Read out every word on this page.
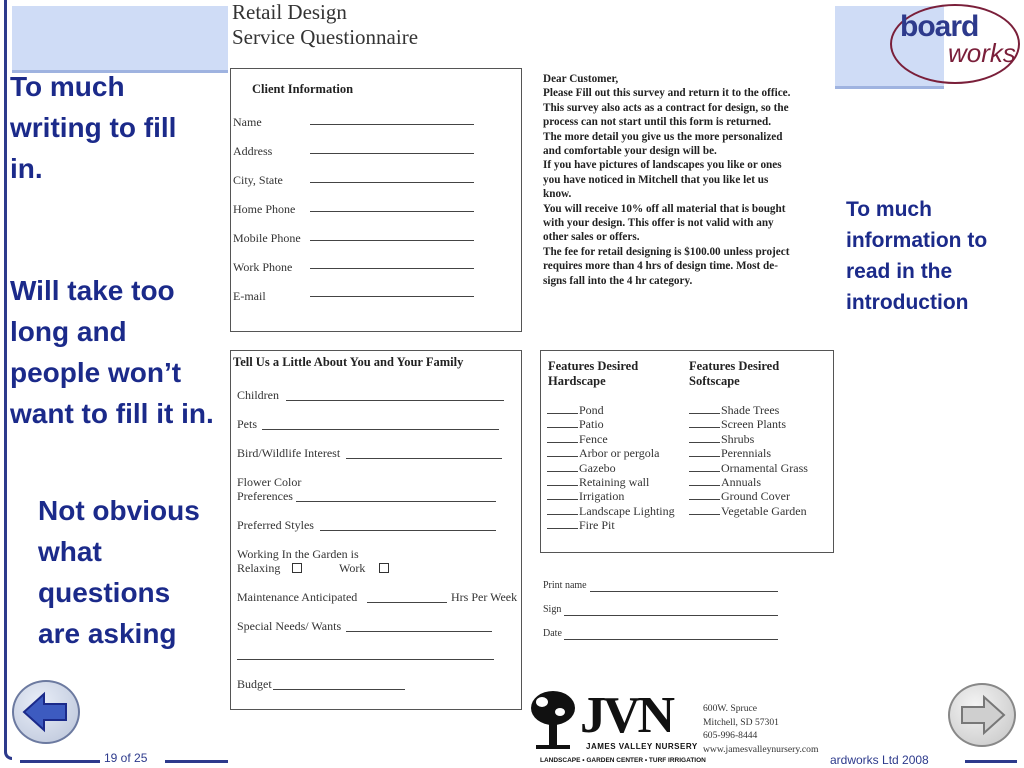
Retail Design
Service Questionnaire
Client Information
Name
Address
City, State
Home Phone
Mobile Phone
Work Phone
E-mail
Dear Customer,
Please Fill out this survey and return it to the office.
This survey also acts as a contract for design, so the
process can not start until this form is returned.
The more detail you give us the more personalized
and comfortable your design will be.
If you have pictures of landscapes you like or ones
you have noticed in Mitchell that you like let us
know.
You will receive 10% off all material that is bought
with your design. This offer is not valid with any
other sales or offers.
The fee for retail designing is $100.00 unless project
requires more than 4 hrs of design time. Most de-
signs fall into the 4 hr category.
Tell Us a Little About You and Your Family
Children
Pets
Bird/Wildlife Interest
Flower Color
Preferences
Preferred Styles
Working In the Garden is
Relaxing	Work
Maintenance Anticipated	Hrs Per Week
Special Needs/ Wants
Budget
Features Desired
Hardscape
Features Desired
Softscape
Pond
Patio
Fence
Arbor or pergola
Gazebo
Retaining wall
Irrigation
Landscape Lighting
Fire Pit
Shade Trees
Screen Plants
Shrubs
Perennials
Ornamental Grass
Annuals
Ground Cover
Vegetable Garden
Print name
Sign
Date
JVN
JAMES VALLEY NURSERY
LANDSCAPE • GARDEN CENTER • TURF IRRIGATION
600W. Spruce
Mitchell, SD 57301
605-996-8444
www.jamesvalleynursery.com
To much writing to fill in.
Will take too long and people won’t want to fill it in.
Not obvious what questions are asking
To much information to read in the introduction
board
works
19 of 25	ardworks Ltd 2008
